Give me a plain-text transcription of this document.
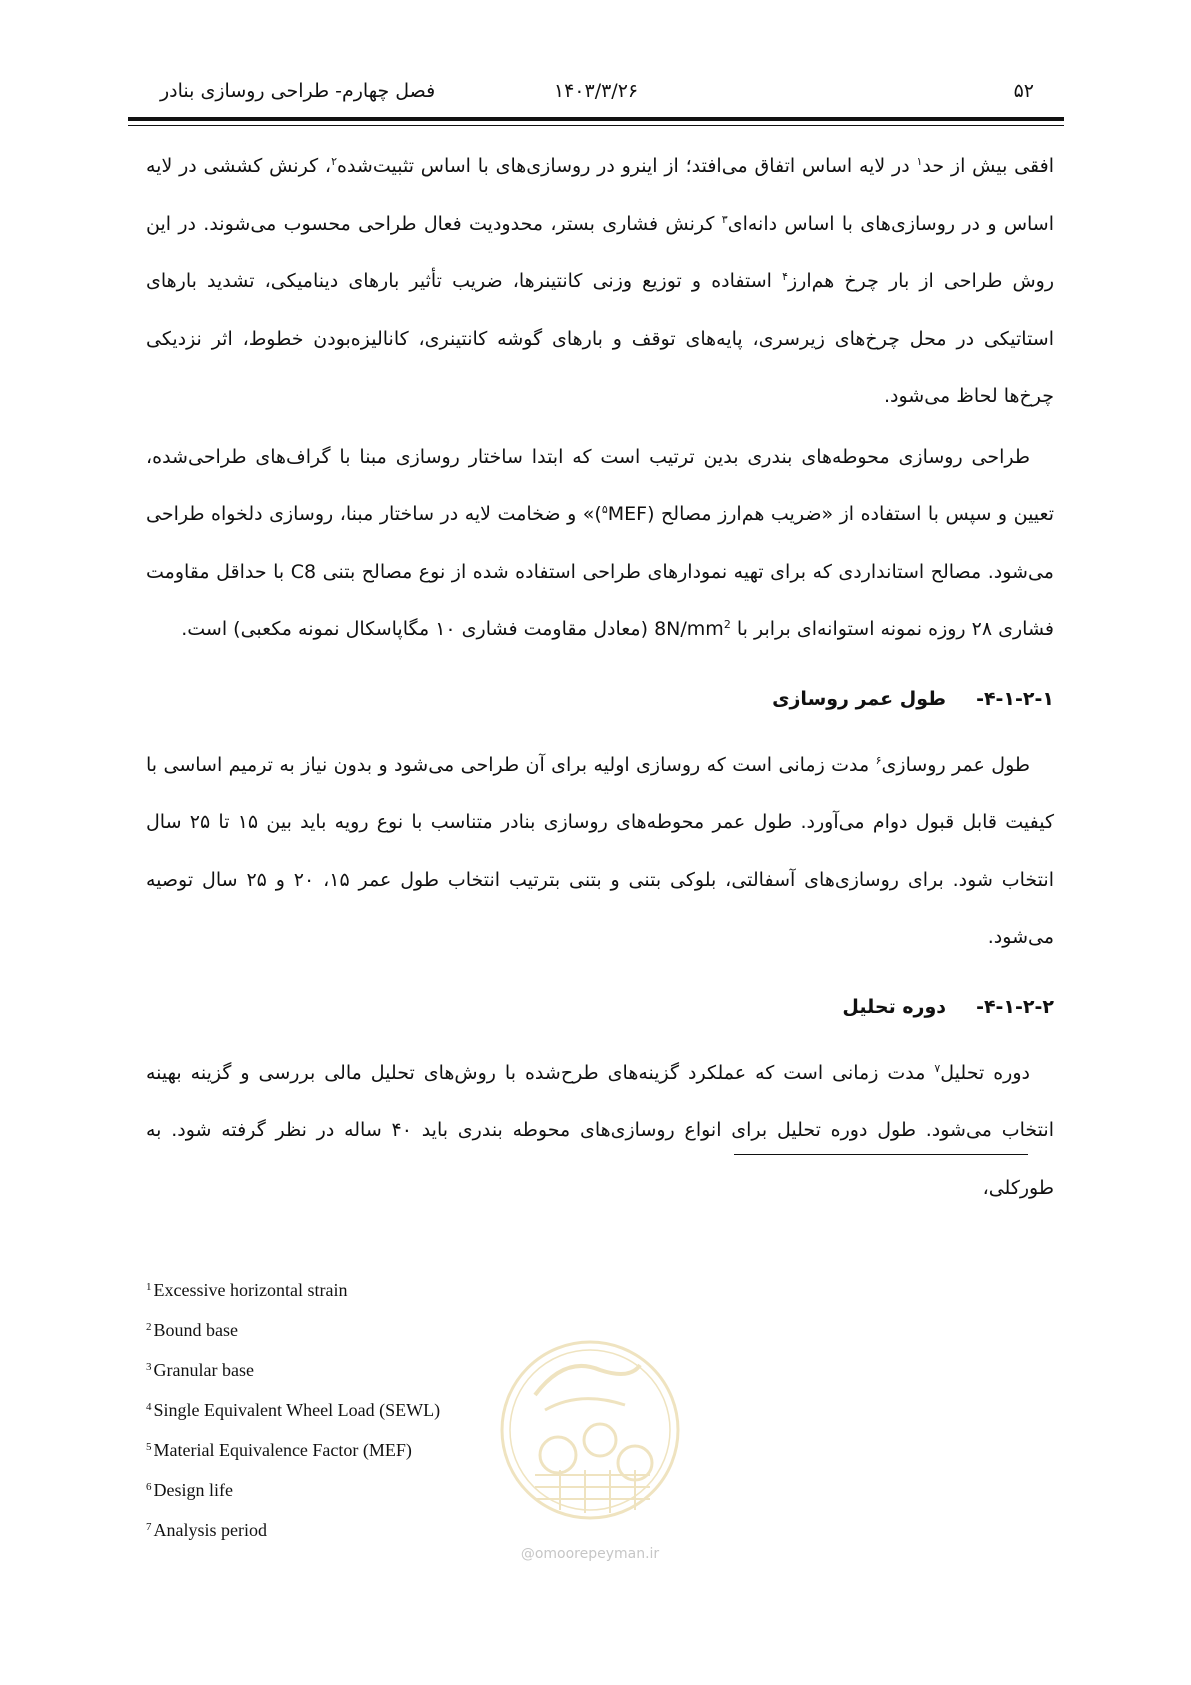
۵۲
۱۴۰۳/۳/۲۶
فصل چهارم- طراحی روسازی بنادر

افقی بیش از حد$^۱$ در لایه اساس اتفاق می‌افتد؛ از اینرو در روسازی‌های با اساس تثبیت‌شده$^۲$، کرنش کششی در لایه اساس و در روسازی‌های با اساس دانه‌ای$^۳$ کرنش فشاری بستر، محدودیت فعال طراحی محسوب می‌شوند. در این روش طراحی از بار چرخ هم‌ارز$^۴$ استفاده و توزیع وزنی کانتینرها، ضریب تأثیر بارهای دینامیکی، تشدید بارهای استاتیکی در محل چرخ‌های زیرسری، پایه‌های توقف و بارهای گوشه کانتینری، کانالیزه‌بودن خطوط، اثر نزدیکی چرخ‌ها لحاظ می‌شود.

طراحی روسازی محوطه‌های بندری بدین ترتیب است که ابتدا ساختار روسازی مبنا با گراف‌های طراحی‌شده، تعیین و سپس با استفاده از «ضریب هم‌ارز مصالح (MEF$^۵$)» و ضخامت لایه در ساختار مبنا، روسازی دلخواه طراحی می‌شود. مصالح استانداردی که برای تهیه نمودارهای طراحی استفاده شده از نوع مصالح بتنی C8 با حداقل مقاومت فشاری ۲۸ روزه نمونه استوانه‌ای برابر با $8N/mm^2$ (معادل مقاومت فشاری ۱۰ مگاپاسکال نمونه مکعبی) است.

۴-۱-۲-۱-طول عمر روسازی

طول عمر روسازی$^۶$ مدت زمانی است که روسازی اولیه برای آن طراحی می‌شود و بدون نیاز به ترمیم اساسی با کیفیت قابل قبول دوام می‌آورد. طول عمر محوطه‌های روسازی بنادر متناسب با نوع رویه باید بین ۱۵ تا ۲۵ سال انتخاب شود. برای روسازی‌های آسفالتی، بلوکی بتنی و بتنی بترتیب انتخاب طول عمر ۱۵، ۲۰ و ۲۵ سال توصیه می‌شود.

۴-۱-۲-۲-دوره تحلیل

دوره تحلیل$^۷$ مدت زمانی است که عملکرد گزینه‌های طرح‌شده با روش‌های تحلیل مالی بررسی و گزینه بهینه انتخاب می‌شود. طول دوره تحلیل برای انواع روسازی‌های محوطه بندری باید ۴۰ ساله در نظر گرفته شود. به طورکلی،

$^1$ Excessive horizontal strain
$^2$ Bound base
$^3$ Granular base
$^4$ Single Equivalent Wheel Load (SEWL)
$^5$ Material Equivalence Factor (MEF)
$^6$ Design life
$^7$ Analysis period
@omoorepeyman.ir
